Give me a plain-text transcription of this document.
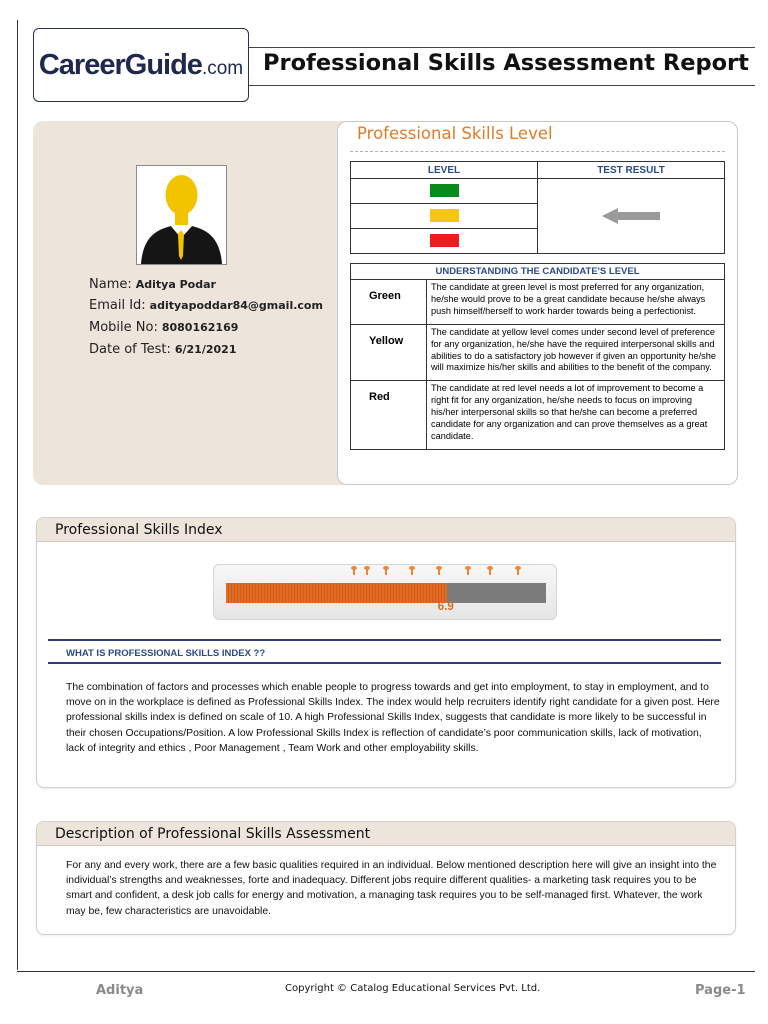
CareerGuide.com Professional Skills Assessment Report
Name: Aditya Podar
Email Id: adityapoddar84@gmail.com
Mobile No: 8080162169
Date of Test: 6/21/2021
Professional Skills Level
LEVEL	TEST RESULT

UNDERSTANDING THE CANDIDATE'S LEVEL	
Green	The candidate at green level is most preferred for any organization, he/she would prove to be a great candidate because he/she always push himself/herself to work harder towards being a perfectionist.
Yellow	The candidate at yellow level comes under second level of preference for any organization, he/she have the required interpersonal skills and abilities to do a satisfactory job however if given an opportunity he/she will maximize his/her skills and abilities to the benefit of the company.
Red	The candidate at red level needs a lot of improvement to become a right fit for any organization, he/she needs to focus on improving his/her interpersonal skills so that he/she can become a preferred candidate for any organization and can prove themselves as a great candidate.
Professional Skills Index
6.9
WHAT IS PROFESSIONAL SKILLS INDEX ??
The combination of factors and processes which enable people to progress towards and get into employment, to stay in employment, and to move on in the workplace is defined as Professional Skills Index. The index would help recruiters identify right candidate for a given post. Here professional skills index is defined on scale of 10. A high Professional Skills Index, suggests that candidate is more likely to be successful in their chosen Occupations/Position. A low Professional Skills Index is reflection of candidate’s poor communication skills, lack of motivation, lack of integrity and ethics , Poor Management , Team Work and other employability skills.
Description of Professional Skills Assessment
For any and every work, there are a few basic qualities required in an individual. Below mentioned description here will give an insight into the individual’s strengths and weaknesses, forte and inadequacy. Different jobs require different qualities- a marketing task requires you to be smart and confident, a desk job calls for energy and motivation, a managing task requires you to be self-managed first. Whatever, the work may be, few characteristics are unavoidable.
Aditya	Copyright © Catalog Educational Services Pvt. Ltd.	Page-1
